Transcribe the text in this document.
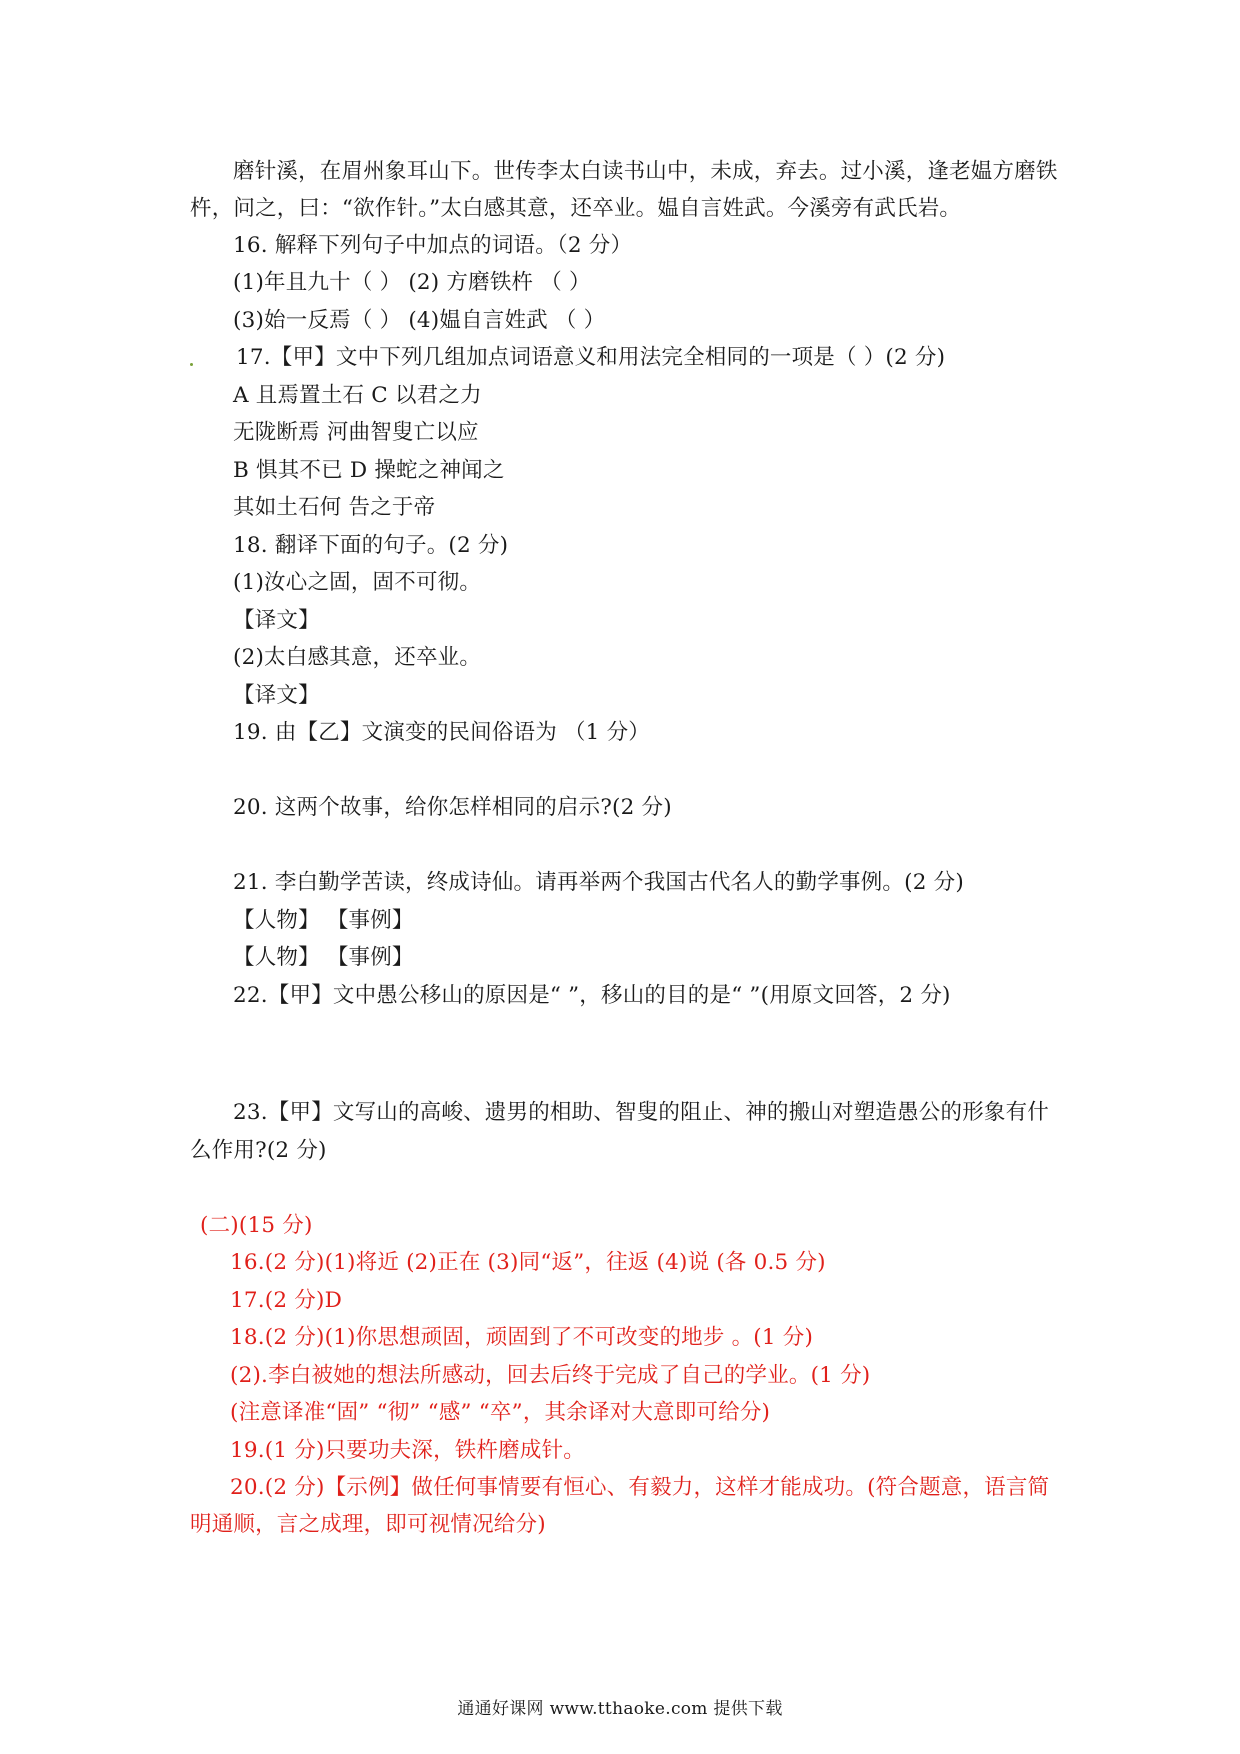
磨针溪，在眉州象耳山下。世传李太白读书山中，未成，弃去。过小溪，逢老媪方磨铁
杵，问之，曰：“欲作针。”太白感其意，还卒业。媪自言姓武。今溪旁有武氏岩。
16. 解释下列句子中加点的词语。（2 分）
(1)年且九十（ ） (2) 方磨铁杵 （ ）
(3)始一反焉（ ） (4)媪自言姓武 （ ）
17.【甲】文中下列几组加点词语意义和用法完全相同的一项是（ ）(2 分)
A 且焉置土石 C 以君之力
无陇断焉 河曲智叟亡以应
B 惧其不已 D 操蛇之神闻之
其如土石何 告之于帝
18. 翻译下面的句子。(2 分)
(1)汝心之固，固不可彻。
【译文】
(2)太白感其意，还卒业。
【译文】
19. 由【乙】文演变的民间俗语为 （1 分）
20. 这两个故事，给你怎样相同的启示?(2 分)
21. 李白勤学苦读，终成诗仙。请再举两个我国古代名人的勤学事例。(2 分)
【人物】 【事例】
【人物】 【事例】
22.【甲】文中愚公移山的原因是“ ”，移山的目的是“ ”(用原文回答，2 分)
23.【甲】文写山的高峻、遗男的相助、智叟的阻止、神的搬山对塑造愚公的形象有什
么作用?(2 分)
(二)(15 分)
16.(2 分)(1)将近 (2)正在 (3)同“返”，往返 (4)说 (各 0.5 分)
17.(2 分)D
18.(2 分)(1)你思想顽固，顽固到了不可改变的地步 。(1 分)
(2).李白被她的想法所感动，回去后终于完成了自己的学业。(1 分)
(注意译准“固” “彻” “感” “卒”，其余译对大意即可给分)
19.(1 分)只要功夫深，铁杵磨成针。
20.(2 分)【示例】做任何事情要有恒心、有毅力，这样才能成功。(符合题意，语言简
明通顺，言之成理，即可视情况给分)
通通好课网 www.tthaoke.com 提供下载
